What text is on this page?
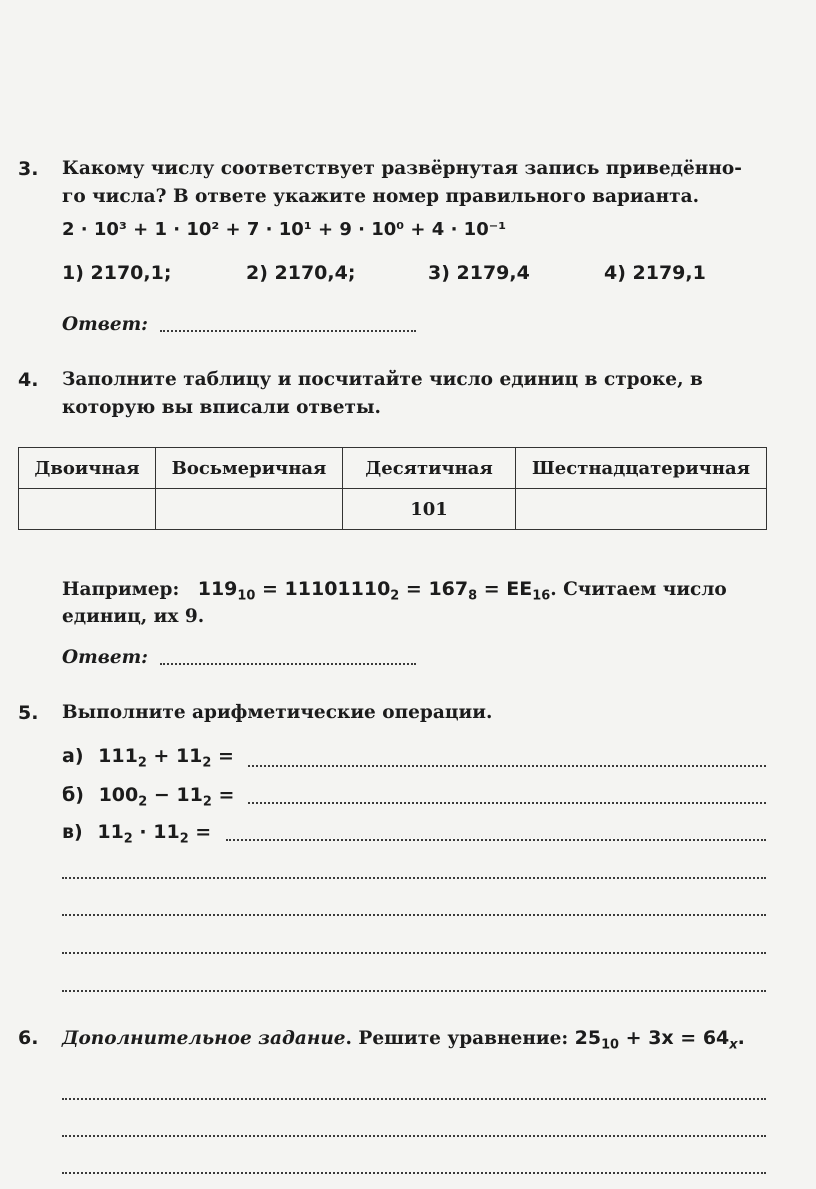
3. Какому числу соответствует развёрнутая запись приведённо-
го числа? В ответе укажите номер правильного варианта.
2 · 10³ + 1 · 10² + 7 · 10¹ + 9 · 10⁰ + 4 · 10⁻¹
1) 2170,1;	2) 2170,4;	3) 2179,4	4) 2179,1
Ответ:
4. Заполните таблицу и посчитайте число единиц в строке, в
которую вы вписали ответы.
Двоичная	Восьмеричная	Десятичная	Шестнадцатеричная
		101	
Например: $119_{10} = 11101110_2 = 167_8 = EE_{16}$. Считаем число
единиц, их 9.
Ответ:
5. Выполните арифметические операции.
а) $111_2 + 11_2$ =
б) $100_2 - 11_2$ =
в) $11_2 \cdot 11_2$ =
6. Дополнительное задание. Решите уравнение: $25_{10} + 3x = 64_x$.
